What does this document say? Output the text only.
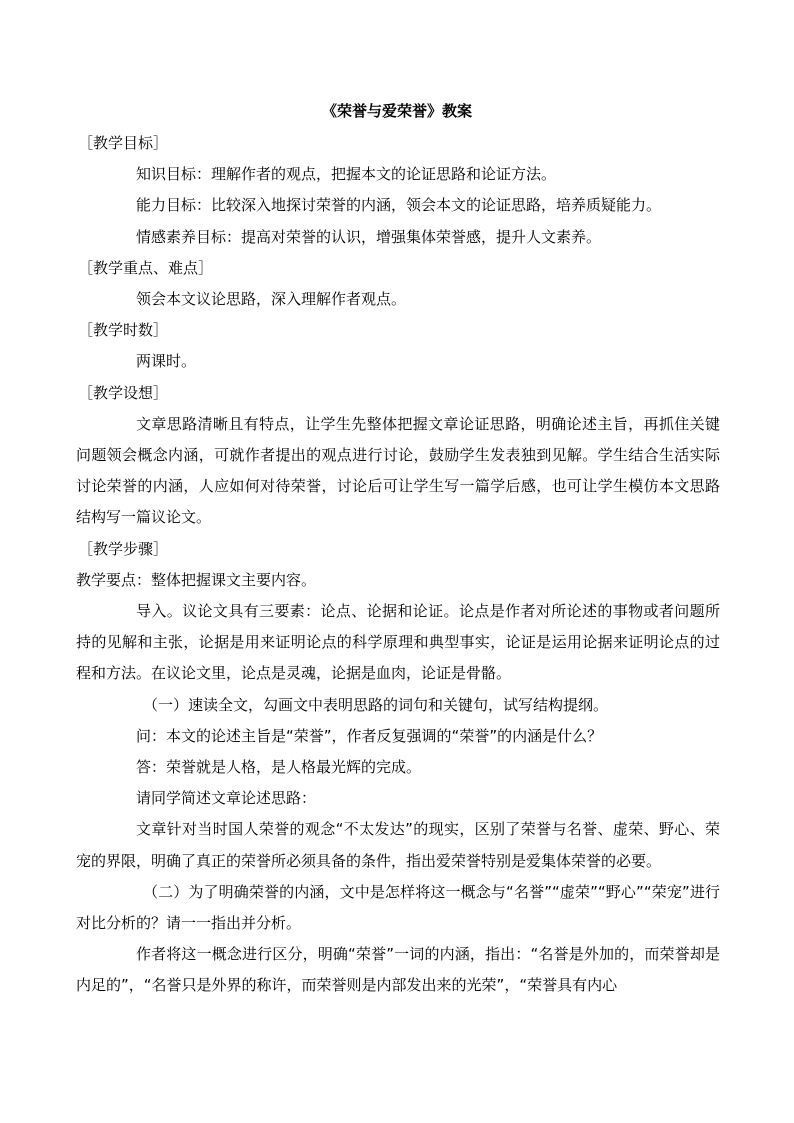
《荣誉与爱荣誉》教案

［教学目标］

知识目标：理解作者的观点，把握本文的论证思路和论证方法。

能力目标：比较深入地探讨荣誉的内涵，领会本文的论证思路，培养质疑能力。

情感素养目标：提高对荣誉的认识，增强集体荣誉感，提升人文素养。

［教学重点、难点］

领会本文议论思路，深入理解作者观点。

［教学时数］

两课时。

［教学设想］

文章思路清晰且有特点，让学生先整体把握文章论证思路，明确论述主旨，再抓住关键问题领会概念内涵，可就作者提出的观点进行讨论，鼓励学生发表独到见解。学生结合生活实际讨论荣誉的内涵，人应如何对待荣誉，讨论后可让学生写一篇学后感，也可让学生模仿本文思路结构写一篇议论文。

［教学步骤］

教学要点：整体把握课文主要内容。

导入。议论文具有三要素：论点、论据和论证。论点是作者对所论述的事物或者问题所持的见解和主张，论据是用来证明论点的科学原理和典型事实，论证是运用论据来证明论点的过程和方法。在议论文里，论点是灵魂，论据是血肉，论证是骨骼。

（一）速读全文，勾画文中表明思路的词句和关键句，试写结构提纲。

问：本文的论述主旨是“荣誉”，作者反复强调的“荣誉”的内涵是什么？

答：荣誉就是人格，是人格最光辉的完成。

请同学简述文章论述思路：

文章针对当时国人荣誉的观念“不太发达”的现实，区别了荣誉与名誉、虚荣、野心、荣宠的界限，明确了真正的荣誉所必须具备的条件，指出爱荣誉特别是爱集体荣誉的必要。

（二）为了明确荣誉的内涵，文中是怎样将这一概念与“名誉”“虚荣”“野心”“荣宠”进行对比分析的？请一一指出并分析。

作者将这一概念进行区分，明确“荣誉”一词的内涵，指出：“名誉是外加的，而荣誉却是内足的”，“名誉只是外界的称许，而荣誉则是内部发出来的光荣”，“荣誉具有内心
